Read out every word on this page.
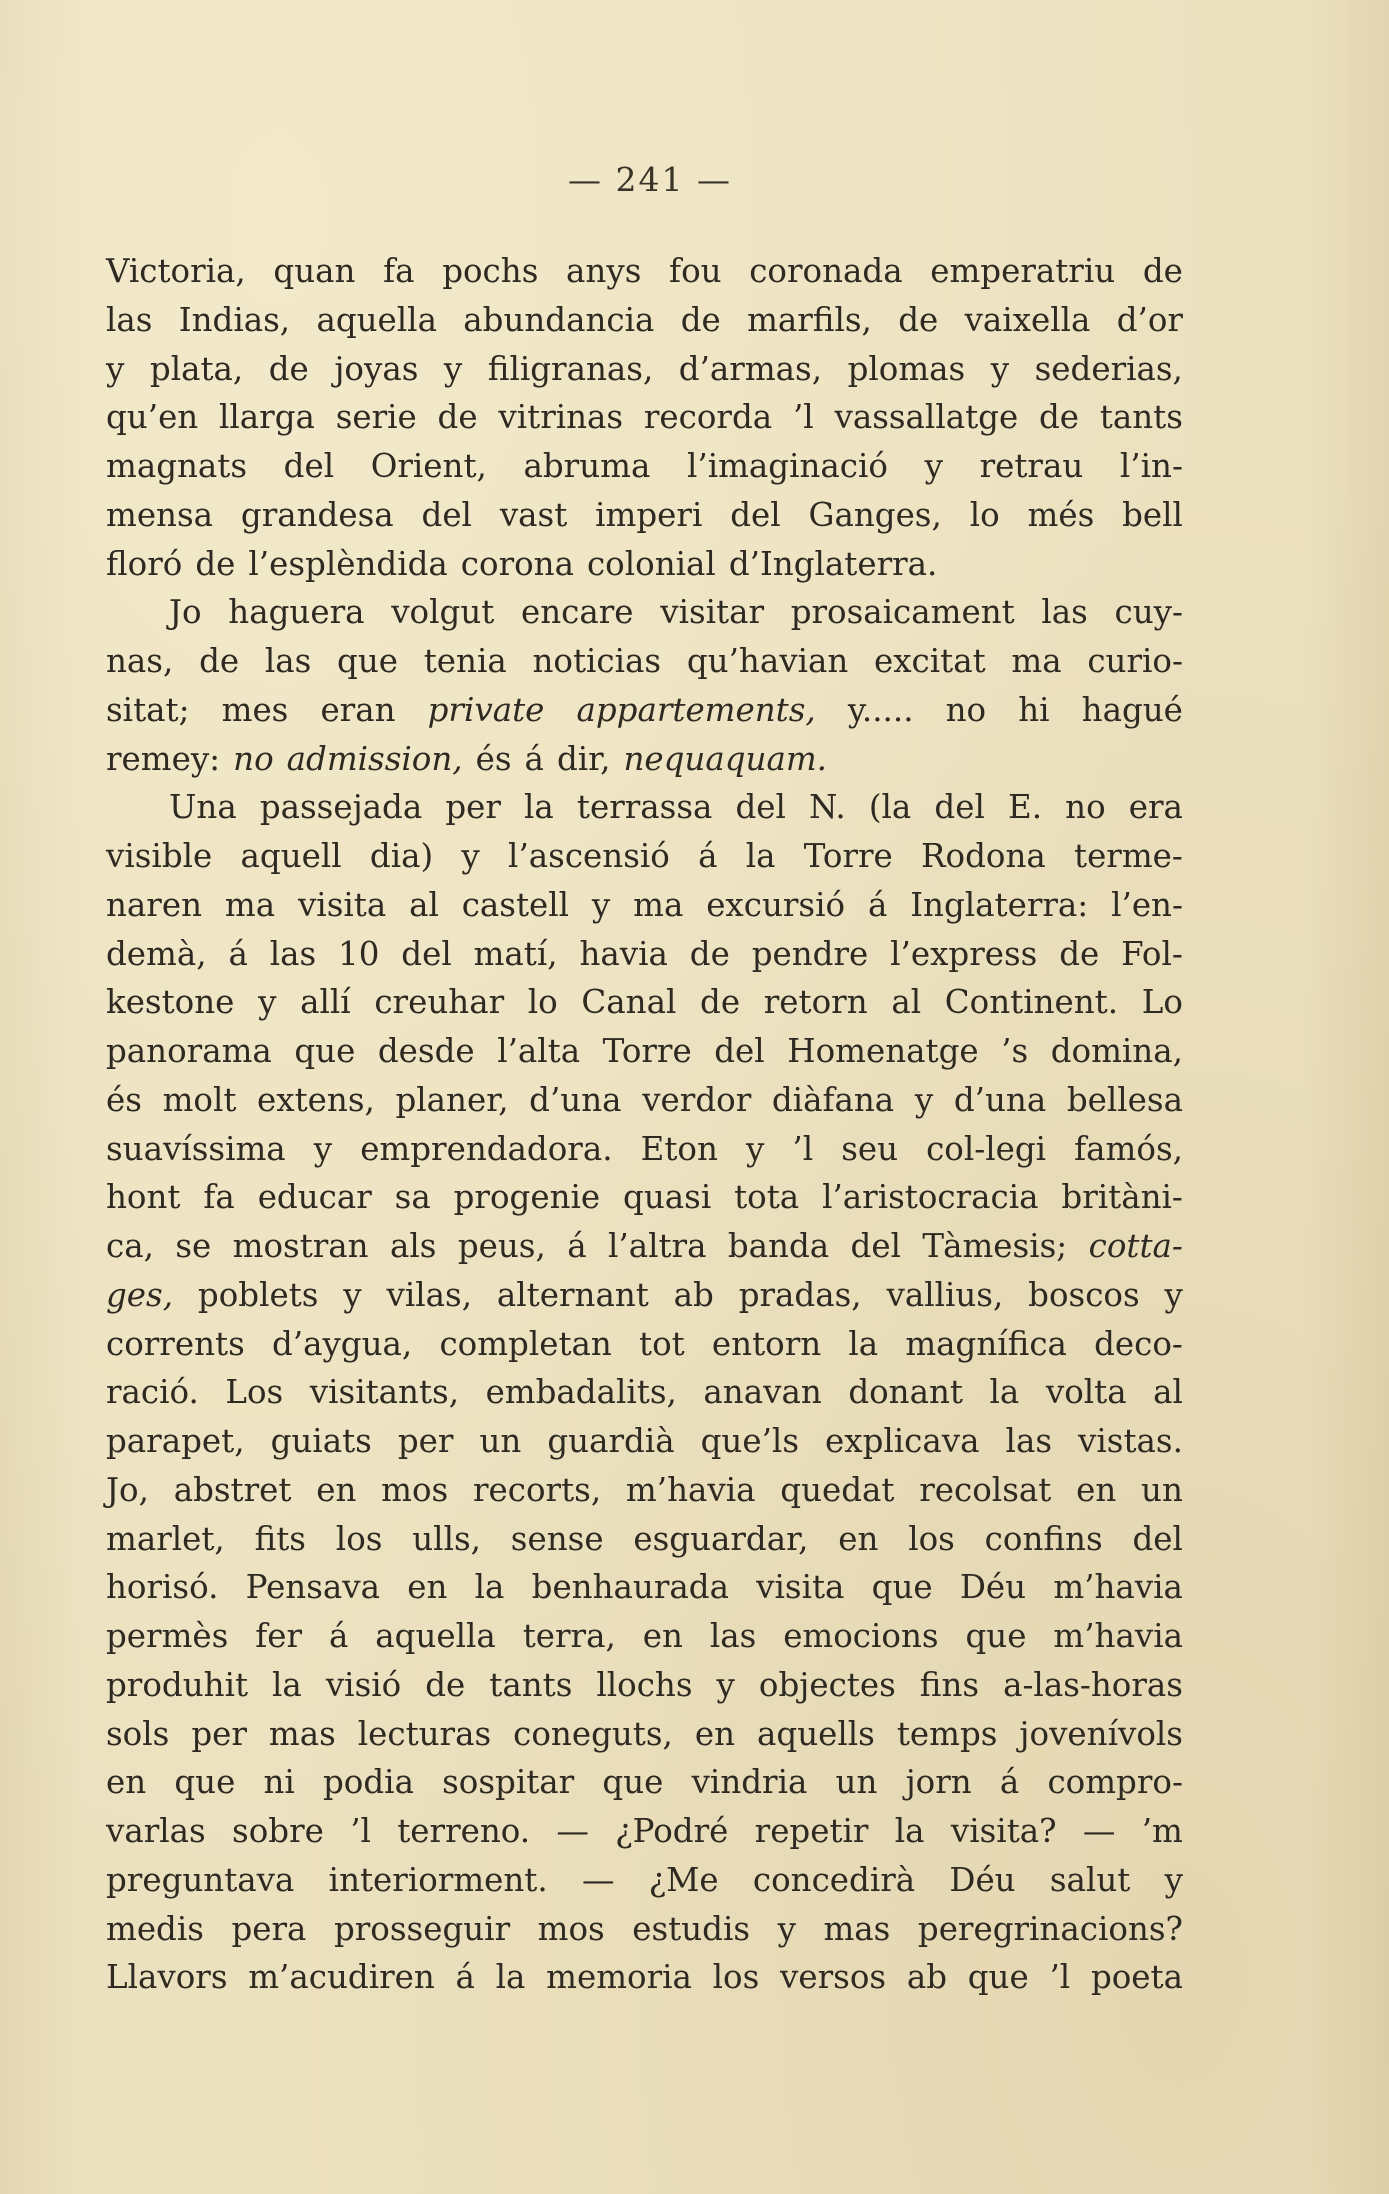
— 241 —
Victoria, quan fa pochs anys fou coronada emperatriu de
las Indias, aquella abundancia de marfils, de vaixella d’or
y plata, de joyas y filigranas, d’armas, plomas y sederias,
qu’en llarga serie de vitrinas recorda ’l vassallatge de tants
magnats del Orient, abruma l’imaginació y retrau l’in-
mensa grandesa del vast imperi del Ganges, lo més bell
floró de l’esplèndida corona colonial d’Inglaterra.
Jo haguera volgut encare visitar prosaicament las cuy-
nas, de las que tenia noticias qu’havian excitat ma curio-
sitat; mes eran private appartements, y..... no hi hagué
remey: no admission, és á dir, nequaquam.
Una passejada per la terrassa del N. (la del E. no era
visible aquell dia) y l’ascensió á la Torre Rodona terme-
naren ma visita al castell y ma excursió á Inglaterra: l’en-
demà, á las 10 del matí, havia de pendre l’express de Fol-
kestone y allí creuhar lo Canal de retorn al Continent. Lo
panorama que desde l’alta Torre del Homenatge ’s domina,
és molt extens, planer, d’una verdor diàfana y d’una bellesa
suavíssima y emprendadora. Eton y ’l seu col-legi famós,
hont fa educar sa progenie quasi tota l’aristocracia britàni-
ca, se mostran als peus, á l’altra banda del Tàmesis; cotta-
ges, poblets y vilas, alternant ab pradas, vallius, boscos y
corrents d’aygua, completan tot entorn la magnífica deco-
ració. Los visitants, embadalits, anavan donant la volta al
parapet, guiats per un guardià que’ls explicava las vistas.
Jo, abstret en mos recorts, m’havia quedat recolsat en un
marlet, fits los ulls, sense esguardar, en los confins del
horisó. Pensava en la benhaurada visita que Déu m’havia
permès fer á aquella terra, en las emocions que m’havia
produhit la visió de tants llochs y objectes fins a-las-horas
sols per mas lecturas coneguts, en aquells temps jovenívols
en que ni podia sospitar que vindria un jorn á compro-
varlas sobre ’l terreno. — ¿Podré repetir la visita? — ’m
preguntava interiorment. — ¿Me concedirà Déu salut y
medis pera prosseguir mos estudis y mas peregrinacions?
Llavors m’acudiren á la memoria los versos ab que ’l poeta
